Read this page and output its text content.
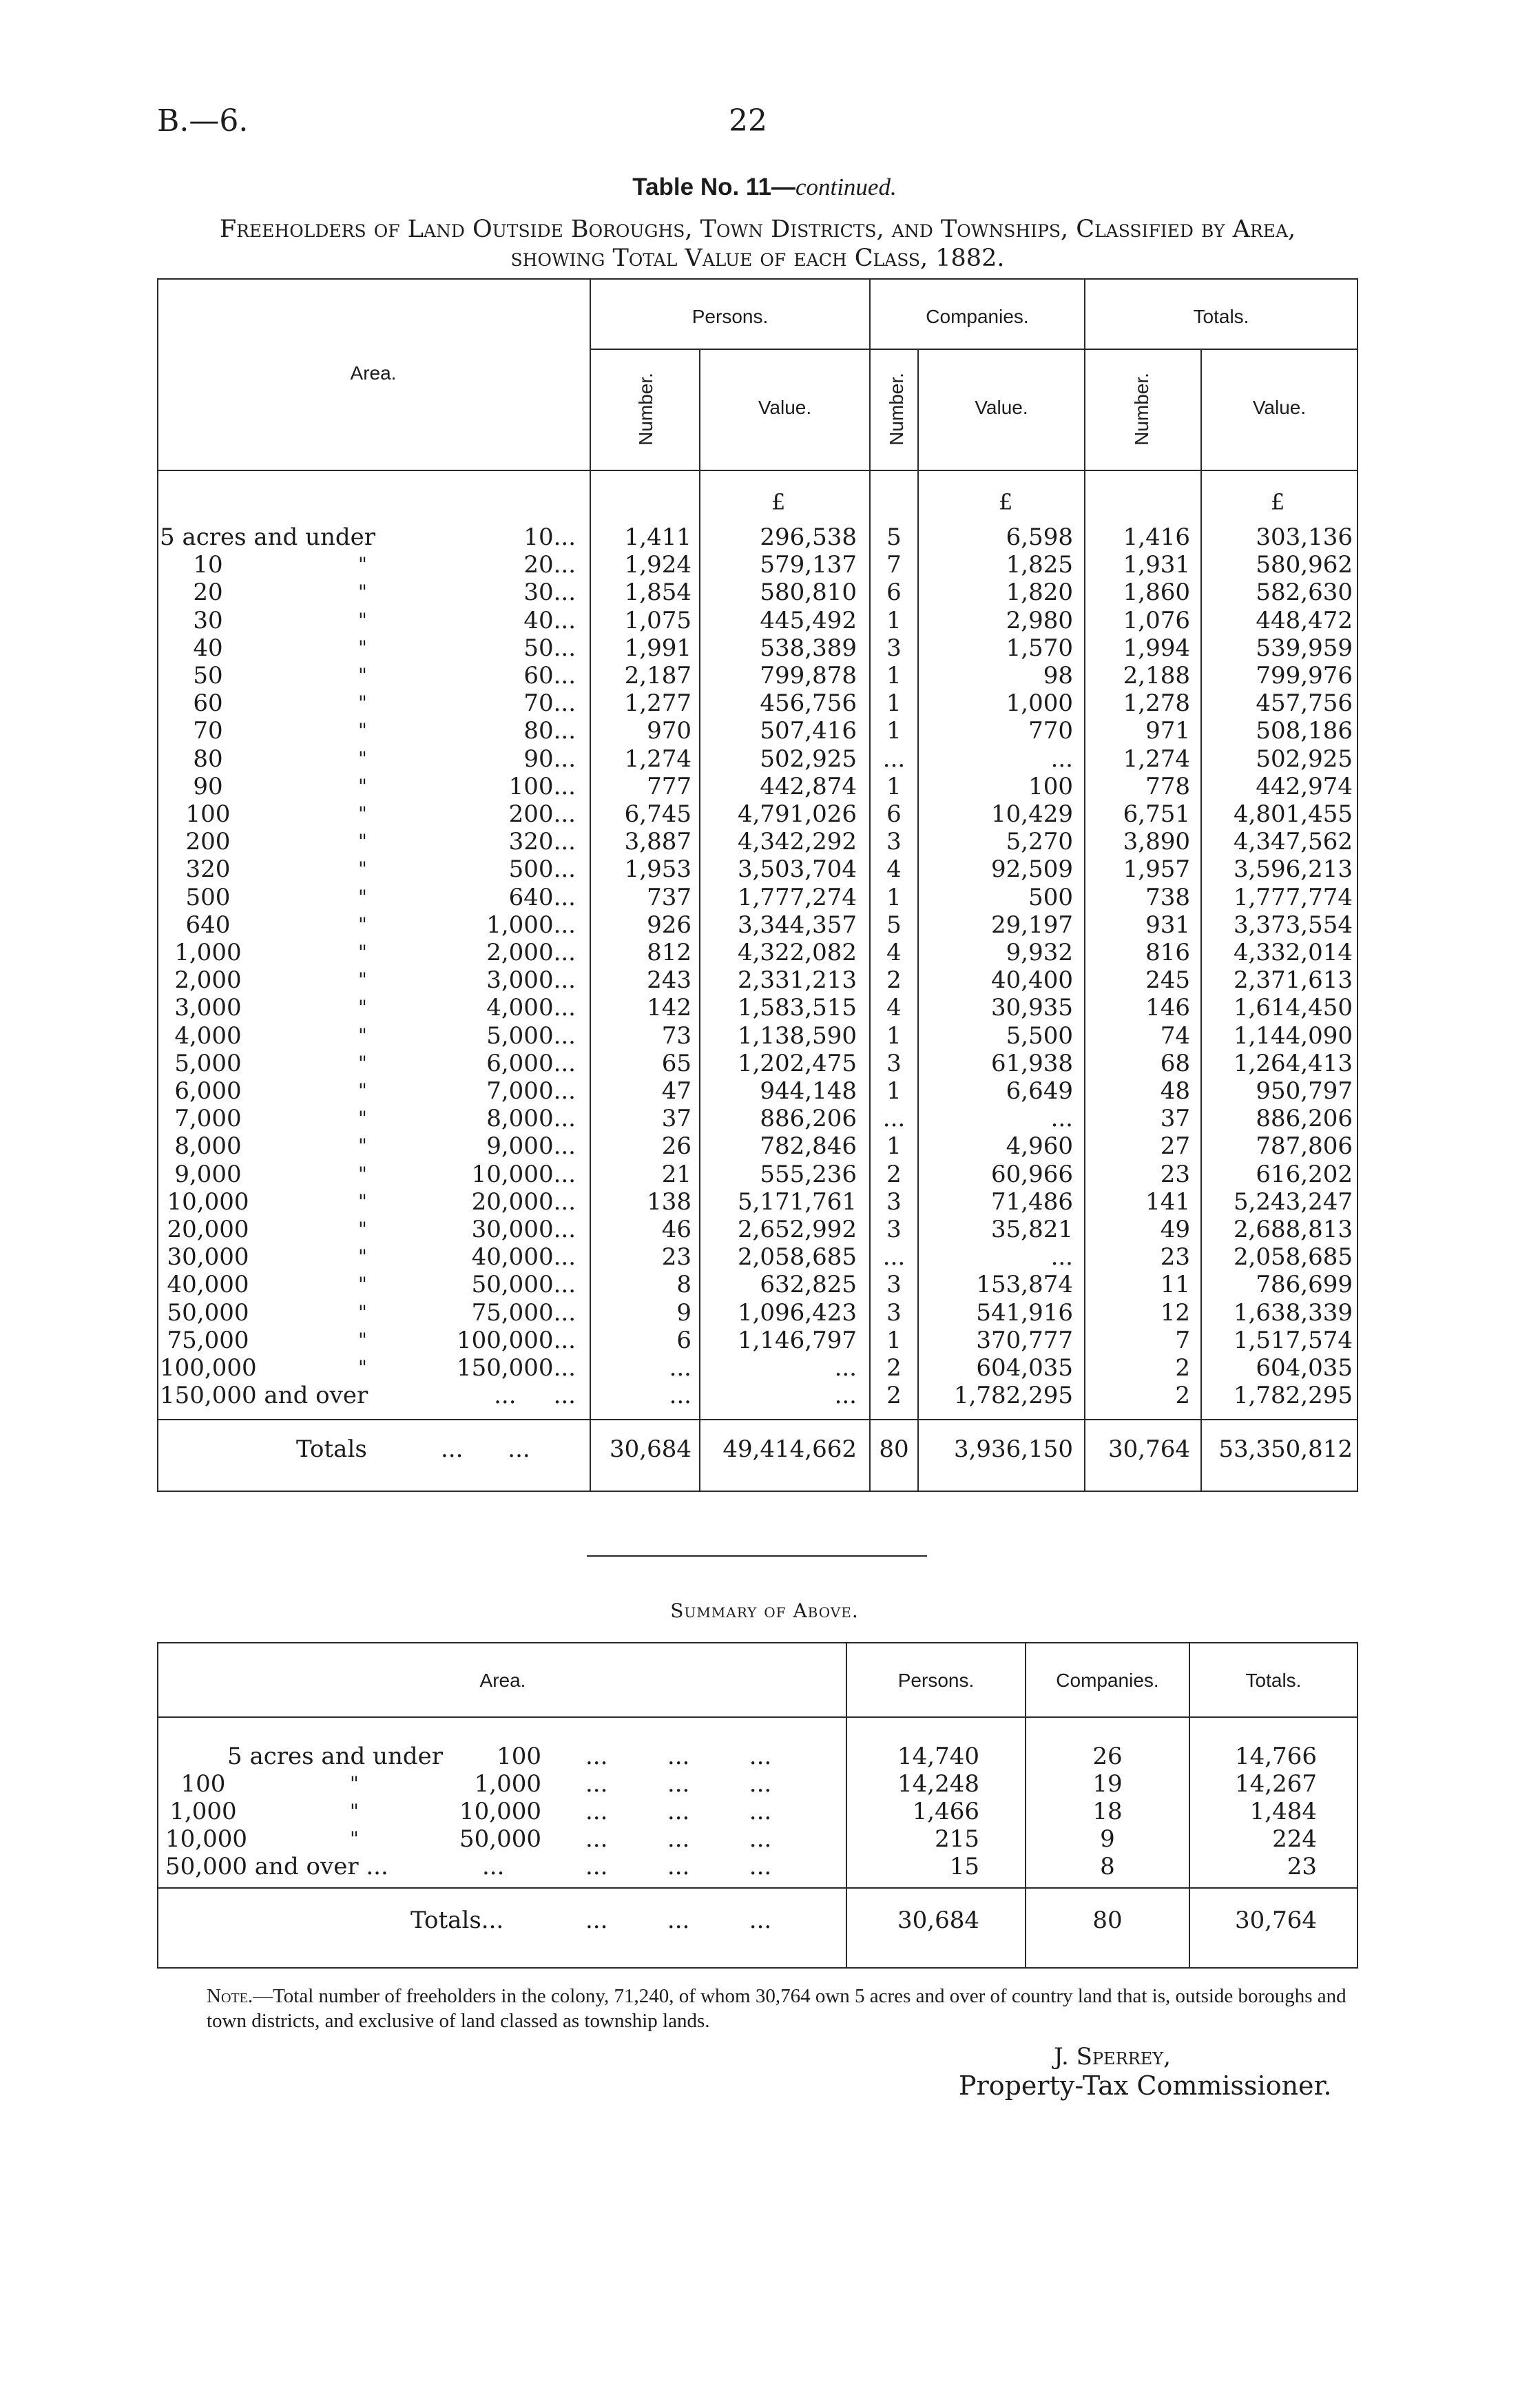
B.—6.	22
Table No. 11—continued.
Freeholders of Land Outside Boroughs, Town Districts, and Townships, Classified by Area,
showing Total Value of each Class, 1882.
Area.
Persons.	Companies.	Totals.
Number.	Value.	Number.	Value.	Number.	Value.
£	£	£
5 acres and under	10...	1,411	296,538	5	6,598	1,416	303,136
10	"	20...	1,924	579,137	7	1,825	1,931	580,962
20	"	30...	1,854	580,810	6	1,820	1,860	582,630
30	"	40...	1,075	445,492	1	2,980	1,076	448,472
40	"	50...	1,991	538,389	3	1,570	1,994	539,959
50	"	60...	2,187	799,878	1	98	2,188	799,976
60	"	70...	1,277	456,756	1	1,000	1,278	457,756
70	"	80...	970	507,416	1	770	971	508,186
80	"	90...	1,274	502,925	...	...	1,274	502,925
90	"	100...	777	442,874	1	100	778	442,974
100	"	200...	6,745	4,791,026	6	10,429	6,751	4,801,455
200	"	320...	3,887	4,342,292	3	5,270	3,890	4,347,562
320	"	500...	1,953	3,503,704	4	92,509	1,957	3,596,213
500	"	640...	737	1,777,274	1	500	738	1,777,774
640	"	1,000...	926	3,344,357	5	29,197	931	3,373,554
1,000	"	2,000...	812	4,322,082	4	9,932	816	4,332,014
2,000	"	3,000...	243	2,331,213	2	40,400	245	2,371,613
3,000	"	4,000...	142	1,583,515	4	30,935	146	1,614,450
4,000	"	5,000...	73	1,138,590	1	5,500	74	1,144,090
5,000	"	6,000...	65	1,202,475	3	61,938	68	1,264,413
6,000	"	7,000...	47	944,148	1	6,649	48	950,797
7,000	"	8,000...	37	886,206	...	...	37	886,206
8,000	"	9,000...	26	782,846	1	4,960	27	787,806
9,000	"	10,000...	21	555,236	2	60,966	23	616,202
10,000	"	20,000...	138	5,171,761	3	71,486	141	5,243,247
20,000	"	30,000...	46	2,652,992	3	35,821	49	2,688,813
30,000	"	40,000...	23	2,058,685	...	...	23	2,058,685
40,000	"	50,000...	8	632,825	3	153,874	11	786,699
50,000	"	75,000...	9	1,096,423	3	541,916	12	1,638,339
75,000	"	100,000...	6	1,146,797	1	370,777	7	1,517,574
100,000	"	150,000...	...	...	2	604,035	2	604,035
150,000 and over	...     ...	...	...	2	1,782,295	2	1,782,295
Totals	...      ...	30,684	49,414,662 80	3,936,150	30,764	53,350,812
Summary of Above.
Area.	Persons.	Companies.	Totals.
5 acres and under	100 ...        ...        ...	14,740	26	14,766
100	"	1,000 ...        ...        ...	14,248	19	14,267
1,000	"	10,000 ...        ...        ...	1,466	18	1,484
10,000	"	50,000 ...        ...        ...	215	9	224
50,000 and over ...	...	...        ...        ...	15	8	23
Totals...	...        ...        ...	30,684	80	30,764
Note.—Total number of freeholders in the colony, 71,240, of whom 30,764 own 5 acres and over of country land that is, outside boroughs and town districts, and exclusive of land classed as township lands.
J. Sperrey,
Property-Tax Commissioner.
